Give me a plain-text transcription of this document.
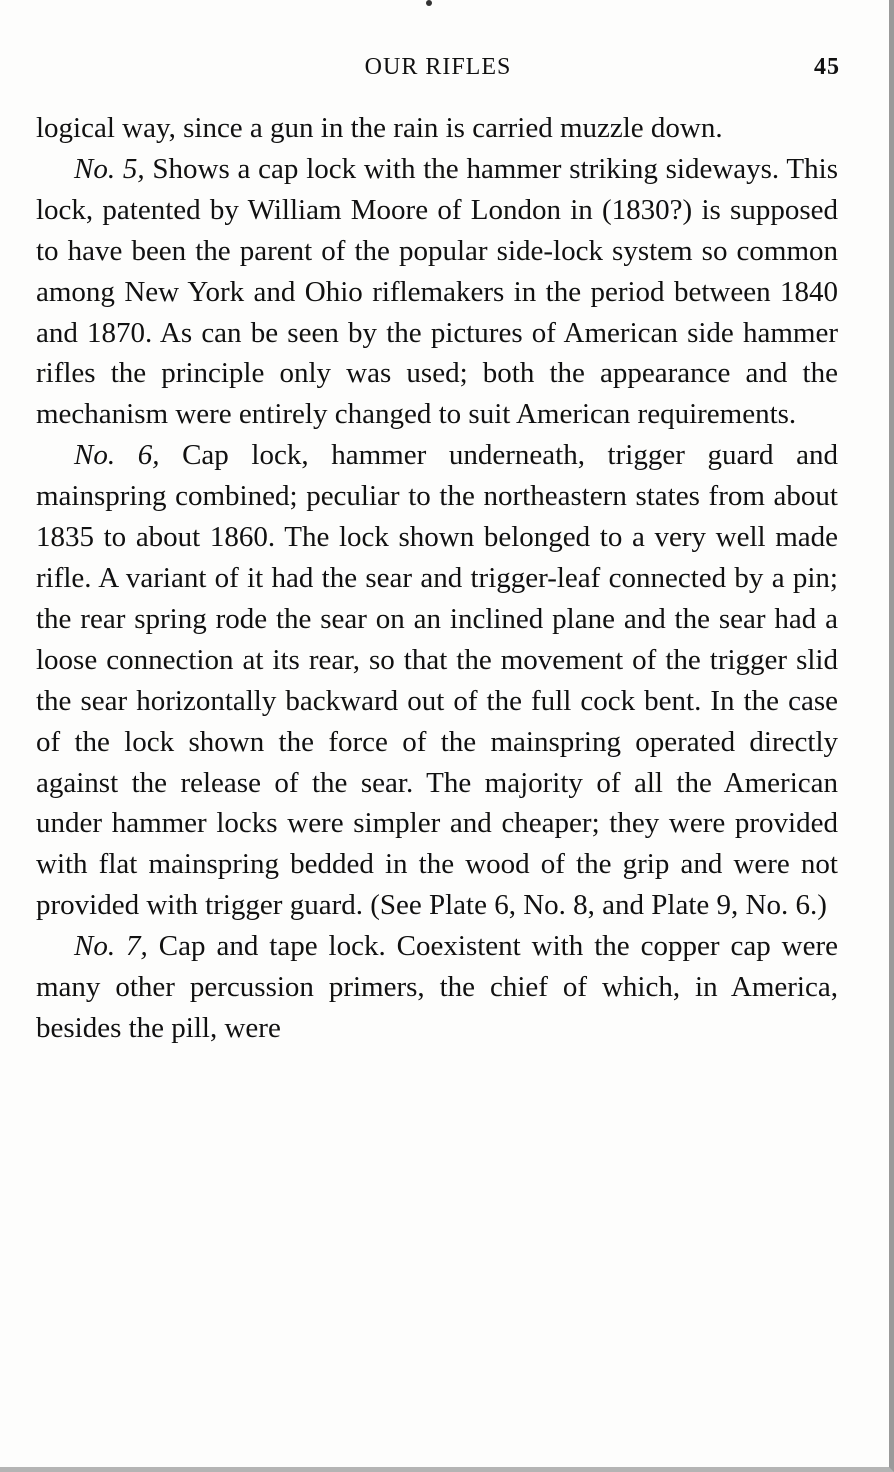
OUR RIFLES	45

logical way, since a gun in the rain is carried muzzle down.

No. 5, Shows a cap lock with the hammer striking sideways. This lock, patented by William Moore of London in (1830?) is supposed to have been the parent of the popular side-lock system so common among New York and Ohio riflemakers in the period between 1840 and 1870. As can be seen by the pictures of American side hammer rifles the principle only was used; both the appearance and the mechanism were entirely changed to suit American requirements.

No. 6, Cap lock, hammer underneath, trigger guard and mainspring combined; peculiar to the northeastern states from about 1835 to about 1860. The lock shown belonged to a very well made rifle. A variant of it had the sear and trigger-leaf connected by a pin; the rear spring rode the sear on an inclined plane and the sear had a loose connection at its rear, so that the movement of the trigger slid the sear horizontally backward out of the full cock bent. In the case of the lock shown the force of the mainspring operated directly against the release of the sear. The majority of all the American under hammer locks were simpler and cheaper; they were provided with flat mainspring bedded in the wood of the grip and were not provided with trigger guard. (See Plate 6, No. 8, and Plate 9, No. 6.)

No. 7, Cap and tape lock. Coexistent with the copper cap were many other percussion primers, the chief of which, in America, besides the pill, were
